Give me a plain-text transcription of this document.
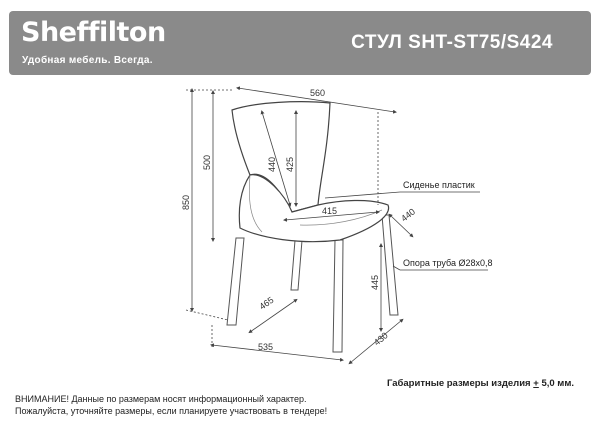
Sheffilton
Удобная мебель. Всегда.
СТУЛ SHT-ST75/S424
560
500
850
440 425
415	440
445
465
535	430
Сиденье пластик
Опора труба Ø28х0,8
Габаритные размеры изделия + 5,0 мм.
ВНИМАНИЕ! Данные по размерам носят информационный характер.
Пожалуйста, уточняйте размеры, если планируете участвовать в тендере!
